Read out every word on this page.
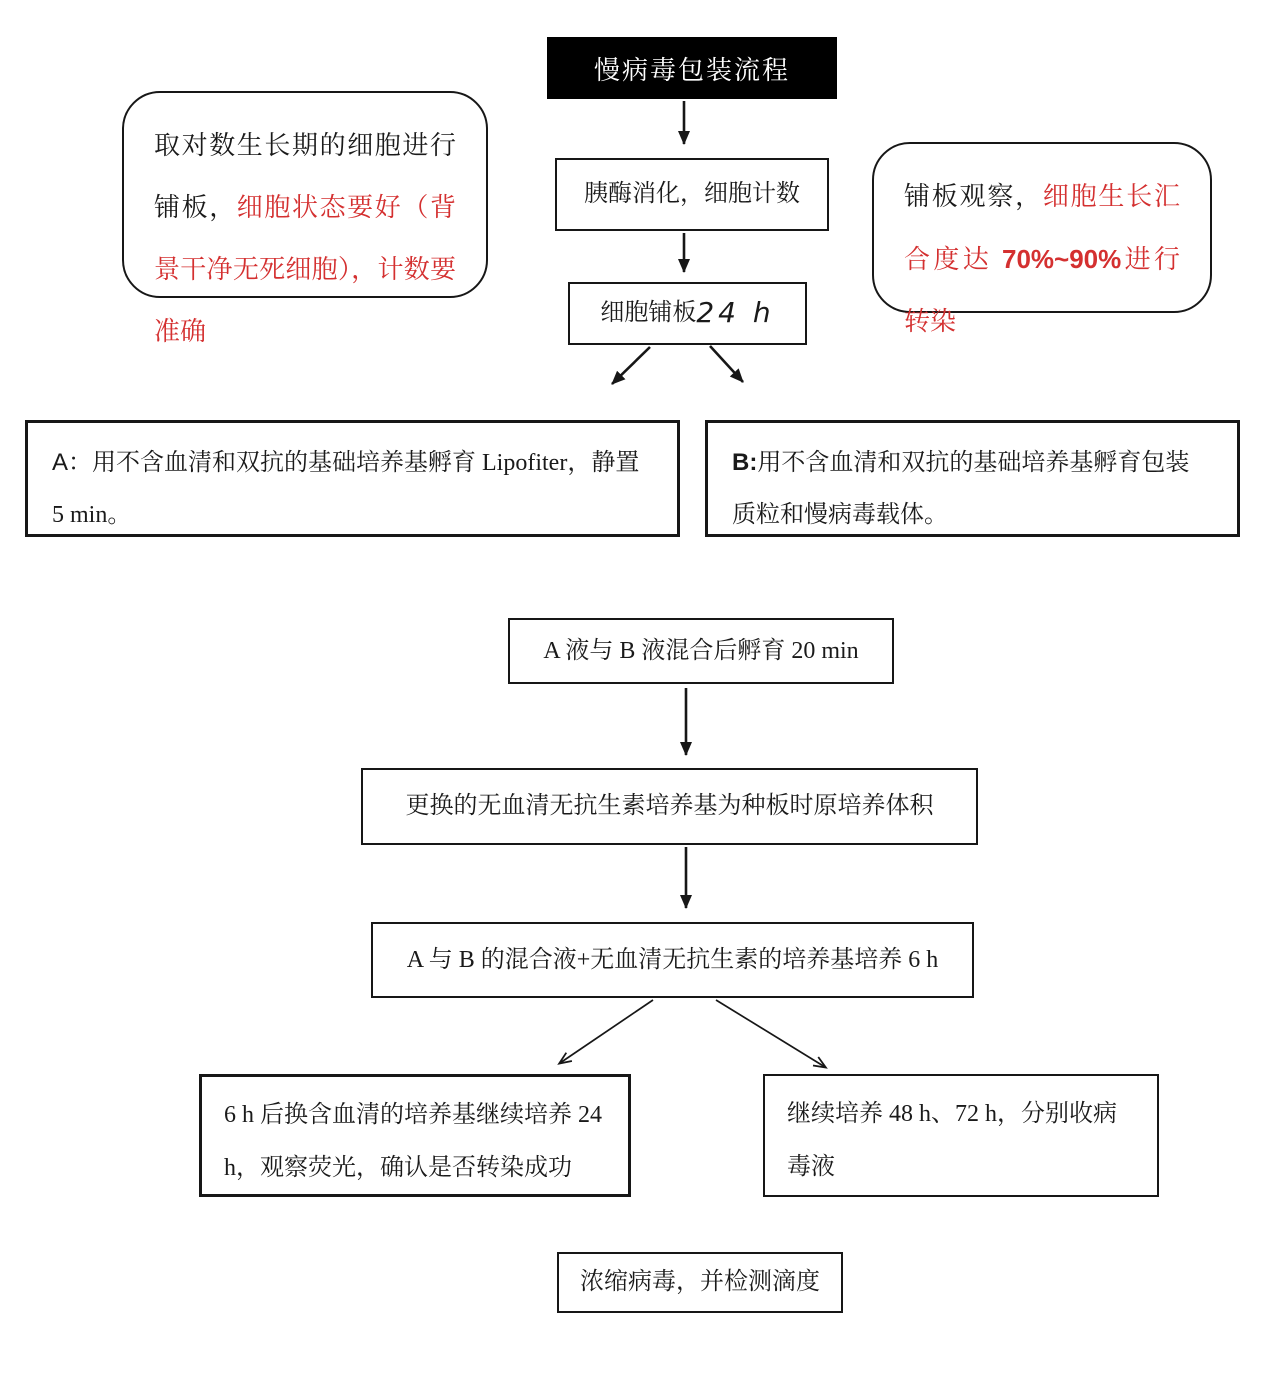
慢病毒包装流程
取对数生长期的细胞进行铺板，细胞状态要好（背景干净无死细胞），计数要准确
铺板观察，细胞生长汇合度达 70%~90%进行转染
胰酶消化，细胞计数
细胞铺板 24 h
A：用不含血清和双抗的基础培养基孵育 Lipofiter，静置 5 min。
B:用不含血清和双抗的基础培养基孵育包装质粒和慢病毒载体。
A 液与 B 液混合后孵育 20 min
更换的无血清无抗生素培养基为种板时原培养体积
A 与 B 的混合液+无血清无抗生素的培养基培养 6 h
6 h 后换含血清的培养基继续培养 24 h，观察荧光，确认是否转染成功
继续培养 48 h、72 h，分别收病毒液
浓缩病毒，并检测滴度
